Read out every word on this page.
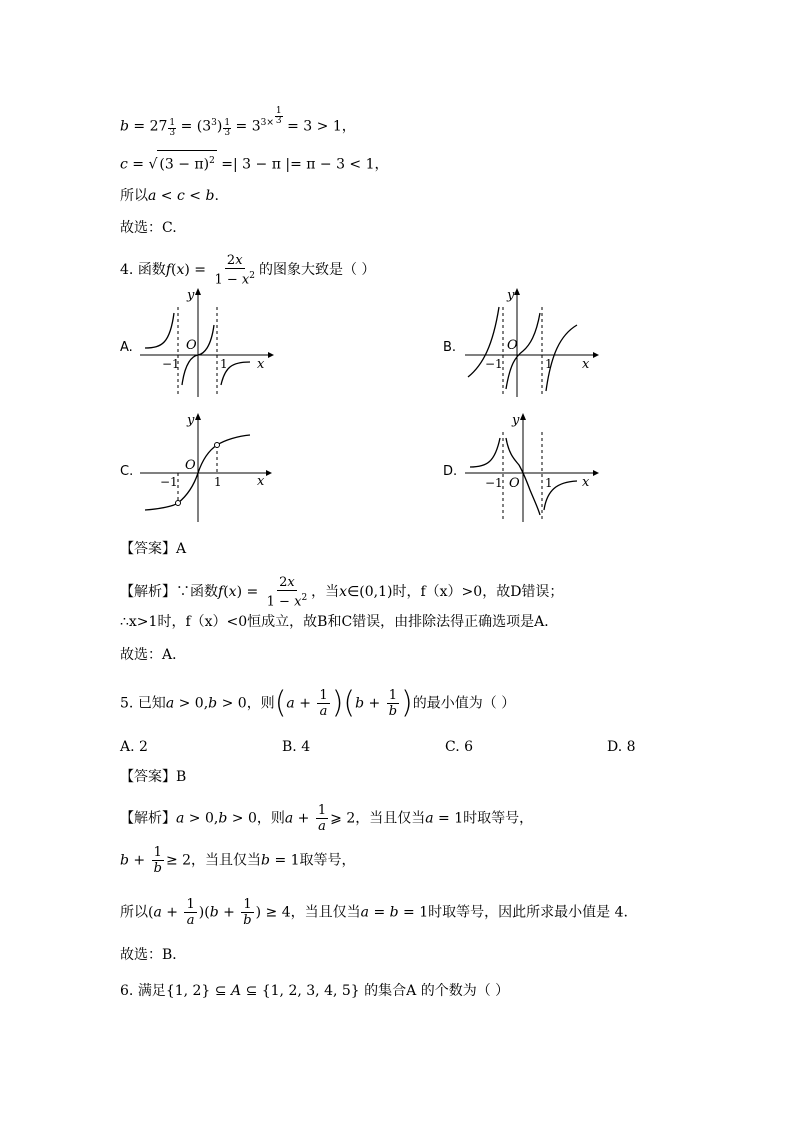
$b = 27 \frac{1}{3} = (3^3) \frac{1}{3} = 3^{3\times \frac{1}{3}}$
= 3 > 1，
c = √ $(3 - \pi)^2$ =| 3 − π |= π − 3 < 1，
所以a < c < b.
故选：C.
4. 函数$f(x) = \frac{2x}{1 - x^2}$ 的图象大致是（ ）
A.
x
y
O
−1	1
B.
x
y
O
−1	1
C.
x
y
O
−1	1
D.
x
y
O
−1	1
【答案】A
【解析】∵函数$f(x) = \frac{2x}{1 - x^2}$ ，当x∈(0,1)时，f（x）>0，故D错误；
∴x>1时，f（x）<0恒成立，故B和C错误，由排除法得正确选项是A．
故选：A．
5. 已知a > 0,b > 0，则$(a + \frac{1}{a} )(b + \frac{1}{b}$ )的最小值为（ ）
A. 2	B. 4	C. 6	D. 8
【答案】B
【解析】a > 0,b > 0，则$a + \frac{1}{a}$ ⩾ 2，当且仅当a = 1时取等号，
$b + \frac{1}{b} \ge 2$，当且仅当b = 1取等号，
所以$(a + \frac{1}{a} )(b + \frac{1}{b}$ ) ≥ 4，当且仅当a = b = 1时取等号，因此所求最小值是 4.
故选：B．
6. 满足{1, 2} ⊆ A ⊆ {1, 2, 3, 4, 5} 的集合A 的个数为（ ）
